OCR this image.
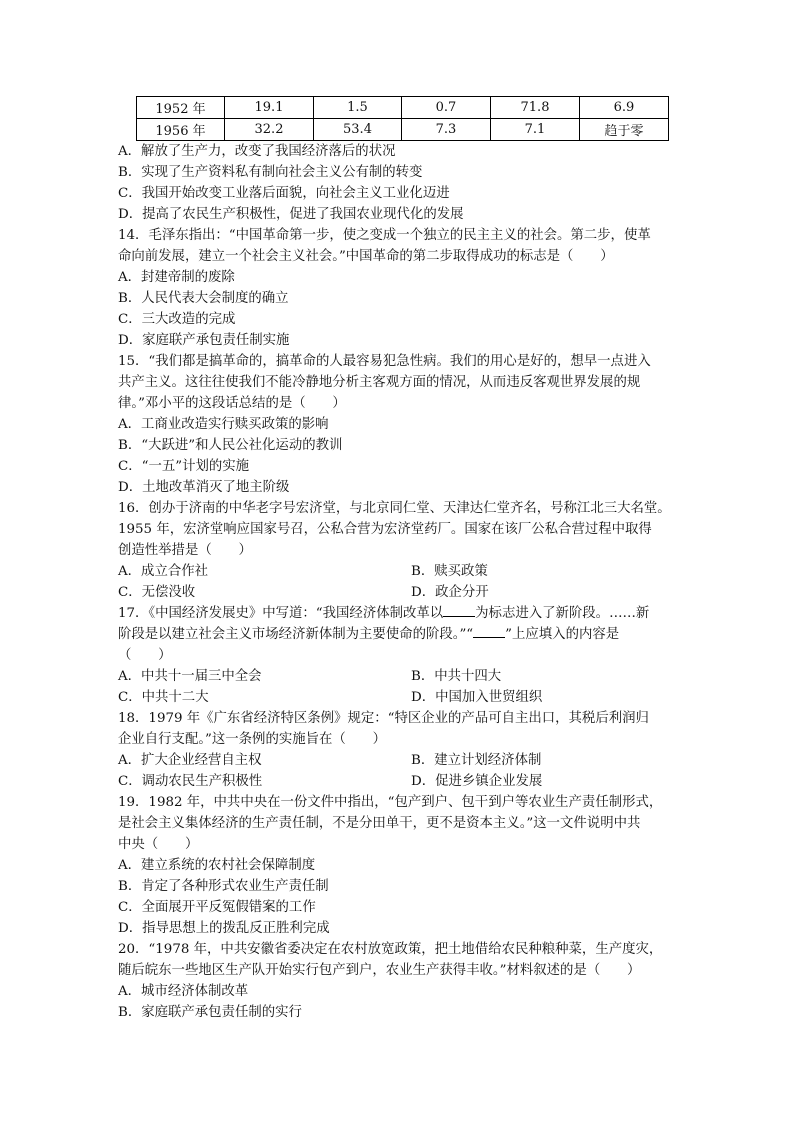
1952 年	19.1	1.5	0.7	71.8	6.9
1956 年	32.2	53.4	7.3	7.1	趋于零
A．解放了生产力，改变了我国经济落后的状况
B．实现了生产资料私有制向社会主义公有制的转变
C．我国开始改变工业落后面貌，向社会主义工业化迈进
D．提高了农民生产积极性，促进了我国农业现代化的发展
14．毛泽东指出：“中国革命第一步，使之变成一个独立的民主主义的社会。第二步，使革
命向前发展，建立一个社会主义社会。”中国革命的第二步取得成功的标志是（　　）
A．封建帝制的废除
B．人民代表大会制度的确立
C．三大改造的完成
D．家庭联产承包责任制实施
15．“我们都是搞革命的，搞革命的人最容易犯急性病。我们的用心是好的，想早一点进入
共产主义。这往往使我们不能冷静地分析主客观方面的情况，从而违反客观世界发展的规
律。”邓小平的这段话总结的是（　　）
A．工商业改造实行赎买政策的影响
B．“大跃进”和人民公社化运动的教训
C．“一五”计划的实施
D．土地改革消灭了地主阶级
16．创办于济南的中华老字号宏济堂，与北京同仁堂、天津达仁堂齐名，号称江北三大名堂。
1955 年，宏济堂响应国家号召，公私合营为宏济堂药厂。国家在该厂公私合营过程中取得
创造性举措是（　　）
A．成立合作社	B．赎买政策
C．无偿没收	D．政企分开
17．《中国经济发展史》中写道：“我国经济体制改革以 为标志进入了新阶段。……新
阶段是以建立社会主义市场经济新体制为主要使命的阶段。”“ ”上应填入的内容是
（　　）
A．中共十一届三中全会	B．中共十四大
C．中共十二大	D．中国加入世贸组织
18．1979 年《广东省经济特区条例》规定：“特区企业的产品可自主出口，其税后利润归
企业自行支配。”这一条例的实施旨在（　　）
A．扩大企业经营自主权	B．建立计划经济体制
C．调动农民生产积极性	D．促进乡镇企业发展
19．1982 年，中共中央在一份文件中指出，“包产到户、包干到户等农业生产责任制形式，
是社会主义集体经济的生产责任制，不是分田单干，更不是资本主义。”这一文件说明中共
中央（　　）
A．建立系统的农村社会保障制度
B．肯定了各种形式农业生产责任制
C．全面展开平反冤假错案的工作
D．指导思想上的拨乱反正胜利完成
20．“1978 年，中共安徽省委决定在农村放宽政策，把土地借给农民种粮种菜，生产度灾，
随后皖东一些地区生产队开始实行包产到户，农业生产获得丰收。”材料叙述的是（　　）
A．城市经济体制改革
B．家庭联产承包责任制的实行
